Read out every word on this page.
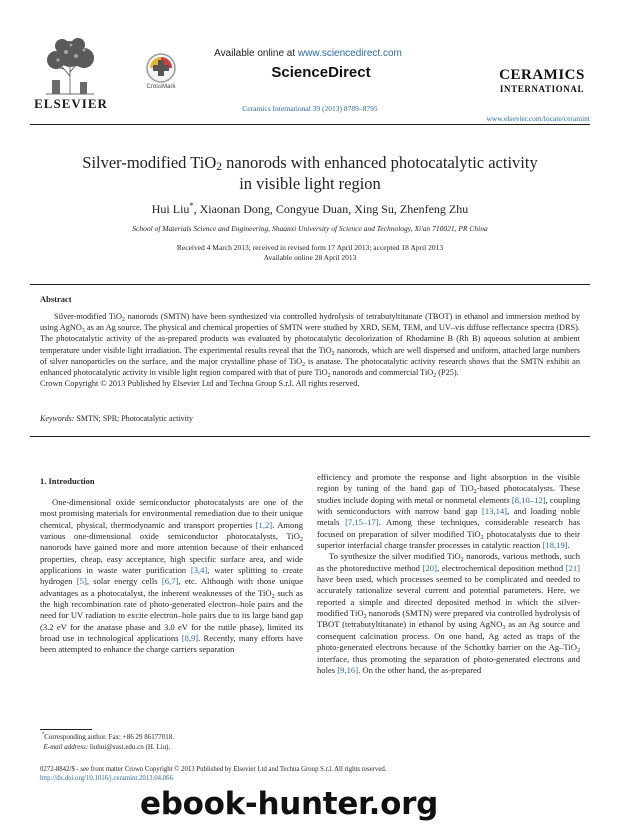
ELSEVIER
CrossMark
Available online at www.sciencedirect.com
ScienceDirect
Ceramics International 39 (2013) 8789–8795
CERAMICS
INTERNATIONAL
www.elsevier.com/locate/ceramint
Silver-modified TiO$_2$ nanorods with enhanced photocatalytic activity
in visible light region
Hui Liu*, Xiaonan Dong, Congyue Duan, Xing Su, Zhenfeng Zhu
School of Materials Science and Engineering, Shaanxi University of Science and Technology, Xi'an 710021, PR China
Received 4 March 2013; received in revised form 17 April 2013; accepted 18 April 2013
Available online 28 April 2013
Abstract

Silver-modified TiO$_2$ nanorods (SMTN) have been synthesized via controlled hydrolysis of tetrabutyltitanate (TBOT) in ethanol and immersion method by using AgNO$_3$ as an Ag source. The physical and chemical properties of SMTN were studied by XRD, SEM, TEM, and UV–vis diffuse reflectance spectra (DRS). The photocatalytic activity of the as-prepared products was evaluated by photocatalytic decolorization of Rhodamine B (Rh B) aqueous solution at ambient temperature under visible light irradiation. The experimental results reveal that the TiO$_2$ nanorods, which are well dispersed and uniform, attached large numbers of silver nanoparticles on the surface, and the major crystalline phase of TiO$_2$ is anatase. The photocatalytic activity research shows that the SMTN exhibit an enhanced photocatalytic activity in visible light region compared with that of pure TiO$_2$ nanorods and commercial TiO$_2$ (P25).

Crown Copyright © 2013 Published by Elsevier Ltd and Techna Group S.r.l. All rights reserved.

Keywords: SMTN; SPR; Photocatalytic activity
1. Introduction

One-dimensional oxide semiconductor photocatalysts are one of the most promising materials for environmental remediation due to their unique chemical, physical, thermodynamic and transport properties [1,2]. Among various one-dimensional oxide semiconductor photocatalysts, TiO$_2$ nanorods have gained more and more attention because of their enhanced properties, cheap, easy acceptance, high specific surface area, and wide applications in waste water purification [3,4], water splitting to create hydrogen [5], solar energy cells [6,7], etc. Although with those unique advantages as a photocatalyst, the inherent weaknesses of the TiO$_2$ such as the high recombination rate of photo-generated electron–hole pairs and the need for UV radiation to excite electron–hole pairs due to its large band gap (3.2 eV for the anatase phase and 3.0 eV for the rutile phase), limited its broad use in technological applications [8,9]. Recently, many efforts have been attempted to enhance the charge carriers separation

efficiency and promote the response and light absorption in the visible region by tuning of the band gap of TiO$_2$-based photocatalysts. These studies include doping with metal or nonmetal elements [8,10–12], coupling with semiconductors with narrow band gap [13,14], and loading noble metals [7,15–17]. Among these techniques, considerable research has focused on preparation of silver modified TiO$_2$ photocatalysts due to their superior interfacial charge transfer processes in catalytic reaction [18,19].

To synthesize the silver modified TiO$_2$ nanorods, various methods, such as the photoreductive method [20], electrochemical deposition method [21] have been used, which processes seemed to be complicated and needed to accurately rationalize several current and potential parameters. Here, we reported a simple and directed deposited method in which the silver-modified TiO$_2$ nanorods (SMTN) were prepared via controlled hydrolysis of TBOT (tetrabutyltitanate) in ethanol by using AgNO$_3$ as an Ag source and consequent calcination process. On one hand, Ag acted as traps of the photo-generated electrons because of the Schottky barrier on the Ag–TiO$_2$ interface, thus promoting the separation of photo-generated electrons and holes [9,16]. On the other hand, the as-prepared

*Corresponding author. Fax: +86 29 86177018.
E-mail address: liuhui@sust.edu.cn (H. Liu).
0272-8842/$ - see front matter Crown Copyright © 2013 Published by Elsevier Ltd and Techna Group S.r.l. All rights reserved.
http://dx.doi.org/10.1016/j.ceramint.2013.04.066
ebook-hunter.org
